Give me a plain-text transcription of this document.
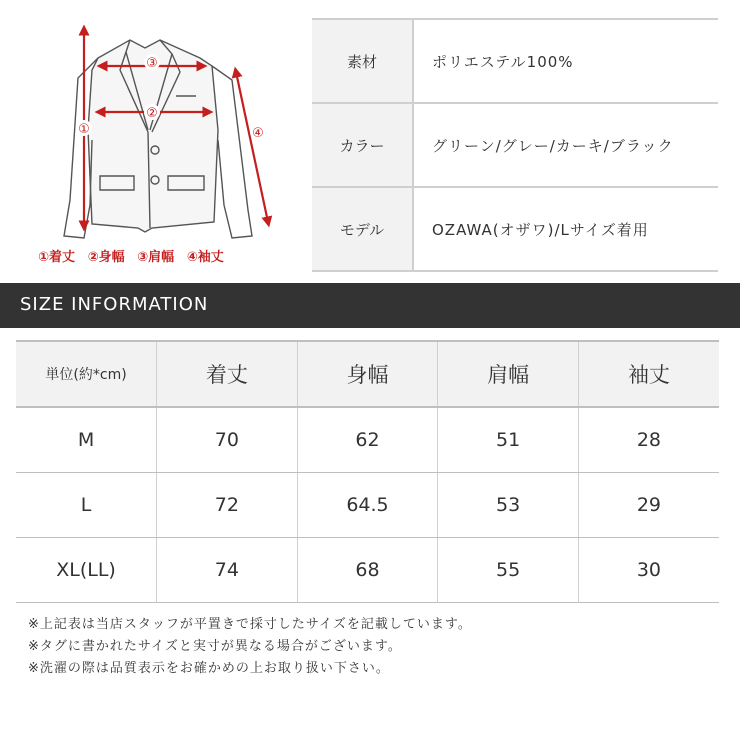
①
②
③
④
①着丈 ②身幅 ③肩幅 ④袖丈
素材	ポリエステル100%
カラー	グリーン/グレー/カーキ/ブラック
モデル	OZAWA(オザワ)/Lサイズ着用
SIZE INFORMATION
単位(約*cm)	着丈	身幅	肩幅	袖丈
M	70	62	51	28
L	72	64.5	53	29
XL(LL)	74	68	55	30
※上記表は当店スタッフが平置きで採寸したサイズを記載しています。
※タグに書かれたサイズと実寸が異なる場合がございます。
※洗濯の際は品質表示をお確かめの上お取り扱い下さい。
